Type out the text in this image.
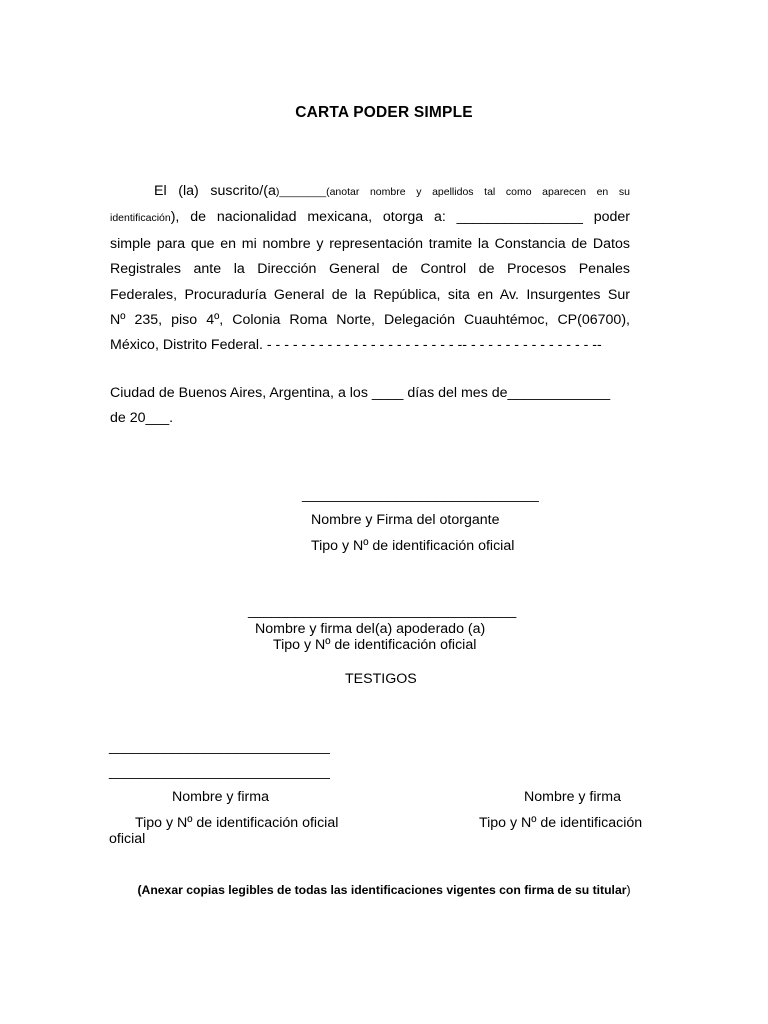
CARTA PODER SIMPLE
El (la) suscrito/(a)________(anotar nombre y apellidos tal como aparecen en su
identificación), de nacionalidad mexicana, otorga a: ________________ poder
simple para que en mi nombre y representación tramite la Constancia de Datos
Registrales ante la Dirección General de Control de Procesos Penales
Federales, Procuraduría General de la República, sita en Av. Insurgentes Sur
Nº 235, piso 4º, Colonia Roma Norte, Delegación Cuauhtémoc, CP(06700),
México, Distrito Federal. - - - - - - - - - - - - - - - - - - - - - - -- - - - - - - - - - - - - - - --
Ciudad de Buenos Aires, Argentina, a los ____ días del mes de_____________
de 20___.
______________________________
Nombre y Firma del otorgante
Tipo y Nº de identificación oficial
__________________________________
Nombre y firma del(a) apoderado (a)
Tipo y Nº de identificación oficial
TESTIGOS
____________________________
____________________________
Nombre y firma
Tipo y Nº de identificación oficial
oficial
Nombre y firma
Tipo y Nº de identificación
(Anexar copias legibles de todas las identificaciones vigentes con firma de su titular)
